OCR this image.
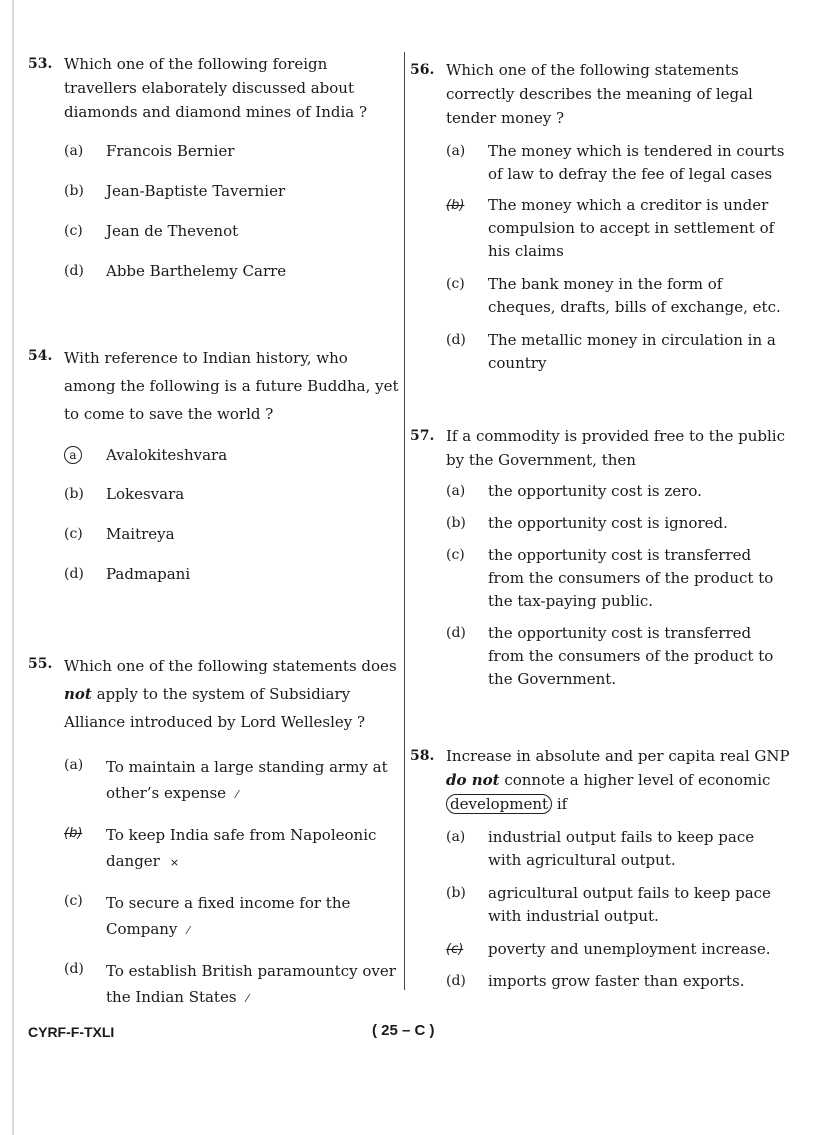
53. Which one of the following foreign travellers elaborately discussed about diamonds and diamond mines of India ?
(a)	Francois Bernier
(b)	Jean-Baptiste Tavernier
(c)	Jean de Thevenot
(d)	Abbe Barthelemy Carre
54. With reference to Indian history, who among the following is a future Buddha, yet to come to save the world ?
a	Avalokiteshvara
(b)	Lokesvara
(c)	Maitreya
(d)	Padmapani
55. Which one of the following statements does not apply to the system of Subsidiary Alliance introduced by Lord Wellesley ?
(a)	To maintain a large standing army at other’s expense ⁄
(b)	To keep India safe from Napoleonic danger ×
(c)	To secure a fixed income for the Company ⁄
(d)	To establish British paramountcy over the Indian States ⁄
56. Which one of the following statements correctly describes the meaning of legal tender money ?
(a)	The money which is tendered in courts of law to defray the fee of legal cases
(b)	The money which a creditor is under compulsion to accept in settlement of his claims
(c)	The bank money in the form of cheques, drafts, bills of exchange, etc.
(d)	The metallic money in circulation in a country
57. If a commodity is provided free to the public by the Government, then
(a)	the opportunity cost is zero.
(b)	the opportunity cost is ignored.
(c)	the opportunity cost is transferred from the consumers of the product to the tax-paying public.
(d)	the opportunity cost is transferred from the consumers of the product to the Government.
58. Increase in absolute and per capita real GNP do not connote a higher level of economic development if
(a)	industrial output fails to keep pace with agricultural output.
(b)	agricultural output fails to keep pace with industrial output.
(c)	poverty and unemployment increase.
(d)	imports grow faster than exports.
CYRF-F-TXLI	( 25 – C )
